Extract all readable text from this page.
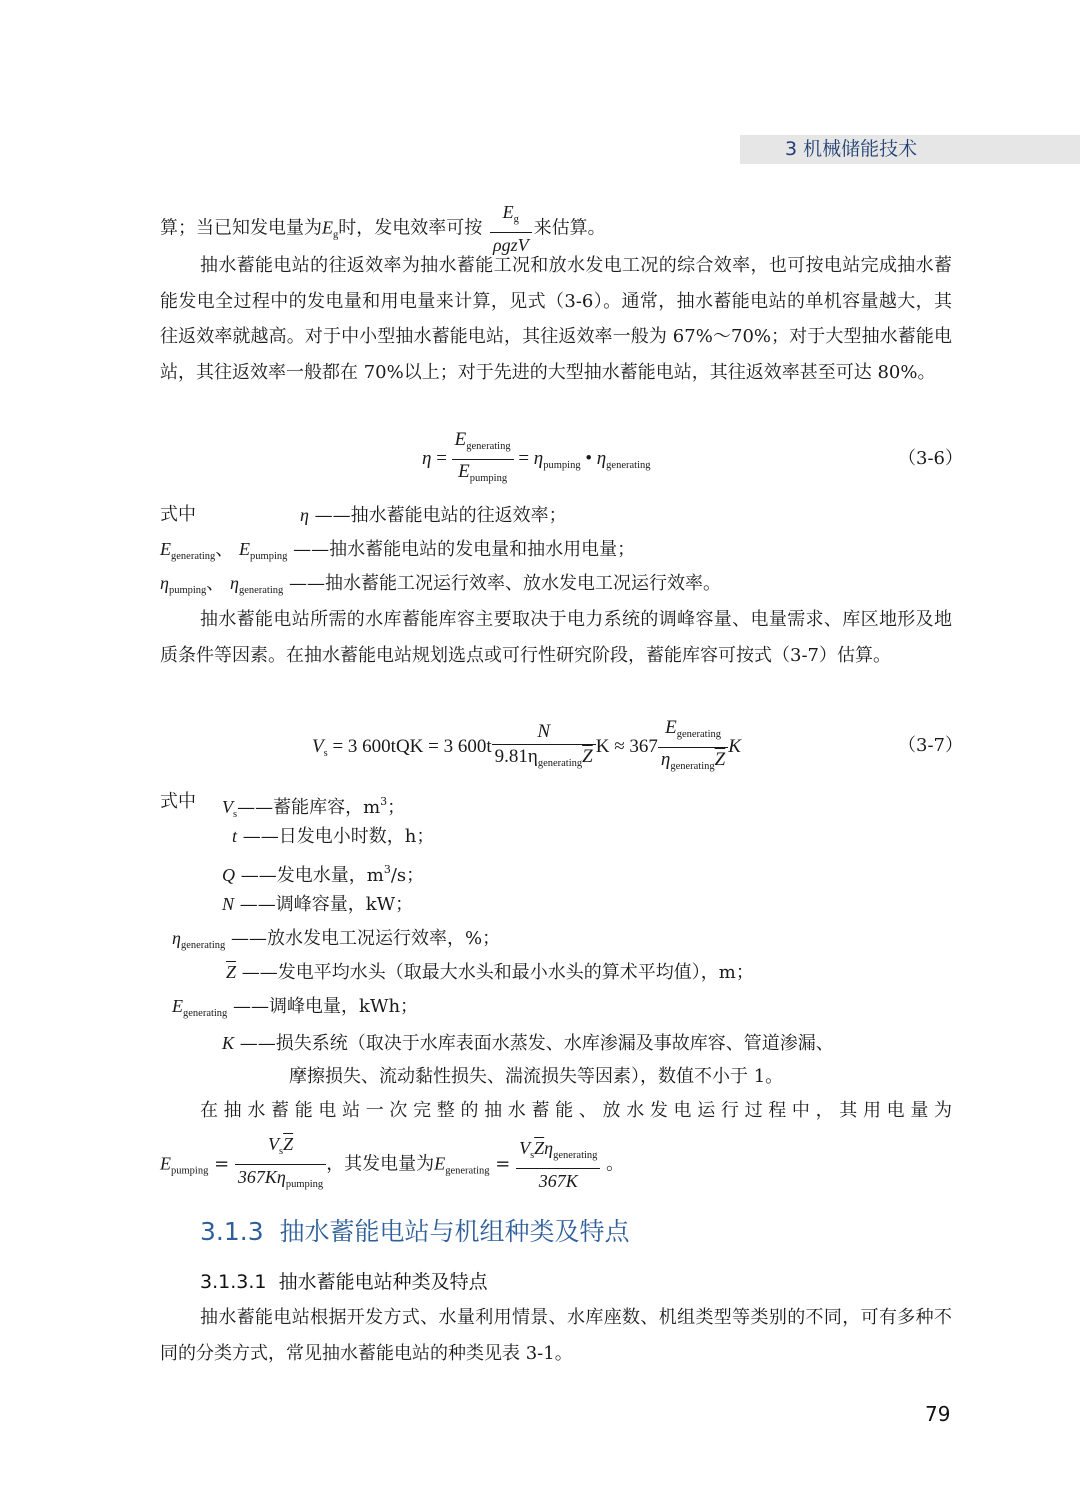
3 机械储能技术
算；当已知发电量为$E_g$时，发电效率可按 $\frac{E_g}{\text{ρgzV}}$ 来估算。
抽水蓄能电站的往返效率为抽水蓄能工况和放水发电工况的综合效率，也可按电站完成抽水蓄能发电全过程中的发电量和用电量来计算，见式（3-6）。通常，抽水蓄能电站的单机容量越大，其往返效率就越高。对于中小型抽水蓄能电站，其往返效率一般为 67%～70%；对于大型抽水蓄能电站，其往返效率一般都在 70%以上；对于先进的大型抽水蓄能电站，其往返效率甚至可达 80%。
$\eta = \frac{E_{generating}}{E_{pumping}} = \eta_{pumping}$ • $\eta_{generating}$	（3-6）
式中	η ——抽水蓄能电站的往返效率；
$E_{generating}$、 $E_{pumping}$ ——抽水蓄能电站的发电量和抽水用电量；
$\eta_{pumping}$、 $\eta_{generating}$ ——抽水蓄能工况运行效率、放水发电工况运行效率。
抽水蓄能电站所需的水库蓄能库容主要取决于电力系统的调峰容量、电量需求、库区地形及地质条件等因素。在抽水蓄能电站规划选点或可行性研究阶段，蓄能库容可按式（3-7）估算。
$V_s = 3$ 600tQK = 3 $600t \frac{N}{9.81\eta_{generating}\overline{Z}}$ $K \approx 367 \frac{E_{generating}}{\eta_{generating}\overline{Z}}$ K	（3-7）
式中 $V_s——$蓄能库容，$m^3$；
t ——日发电小时数，h；
Q ——发电水量，$m^3/s$；
N ——调峰容量，kW；
$\eta_{generating}$ ——放水发电工况运行效率，%；
$\overline{Z}$ ——发电平均水头（取最大水头和最小水头的算术平均值），m；
$E_{generating}$ ——调峰电量，kWh；
K ——损失系统（取决于水库表面水蒸发、水库渗漏及事故库容、管道渗漏、
摩擦损失、流动黏性损失、湍流损失等因素），数值不小于 1。
在抽水蓄能电站一次完整的抽水蓄能、放水发电运行过程中，其用电量为
$E_{pumping} = \frac{V_s\overline{Z}}{367K\eta_{pumping}}$ ，其发电量为$E_{generating} = \frac{V_s\overline{Z}\eta_{generating}}{367K}$ 。
3.1.3 抽水蓄能电站与机组种类及特点
3.1.3.1 抽水蓄能电站种类及特点
抽水蓄能电站根据开发方式、水量利用情景、水库座数、机组类型等类别的不同，可有多种不同的分类方式，常见抽水蓄能电站的种类见表 3-1。
79
